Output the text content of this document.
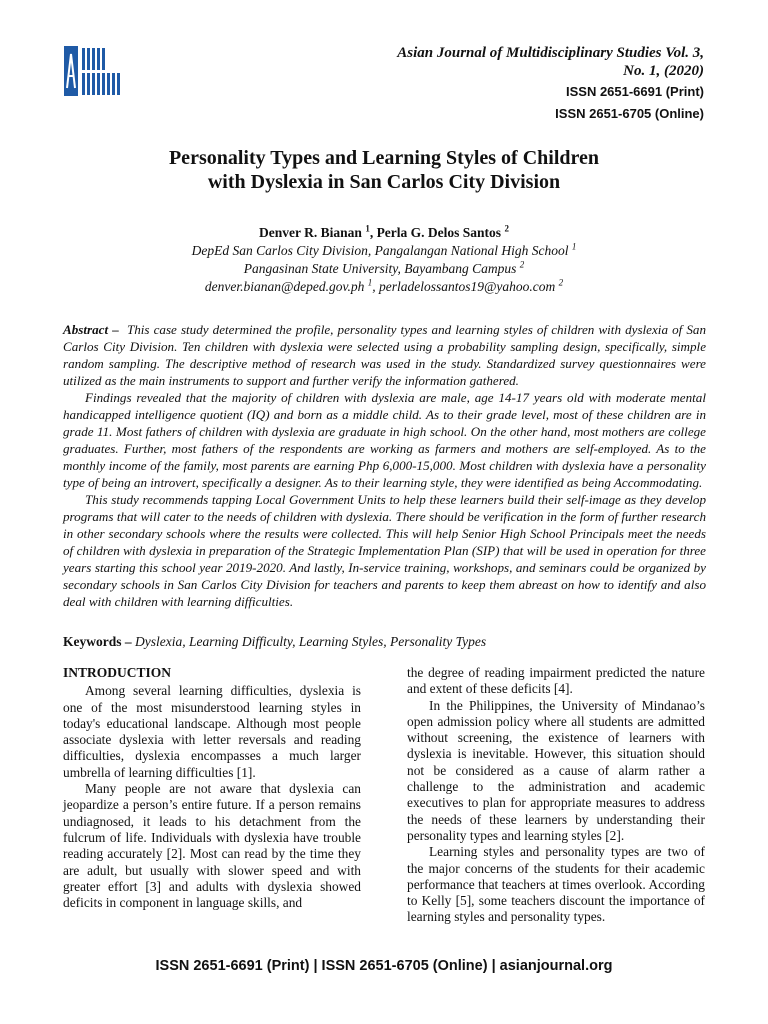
Asian Journal of Multidisciplinary Studies Vol. 3,
No. 1, (2020)
ISSN 2651-6691 (Print)
ISSN 2651-6705 (Online)
Personality Types and Learning Styles of Children
with Dyslexia in San Carlos City Division
Denver R. Bianan $^1$, Perla G. Delos Santos $^2$
DepEd San Carlos City Division, Pangalangan National High School $^1$
Pangasinan State University, Bayambang Campus $^2$
denver.bianan@deped.gov.ph $^1$, perladelossantos19@yahoo.com $^2$

Abstract – This case study determined the profile, personality types and learning styles of children with dyslexia of San Carlos City Division. Ten children with dyslexia were selected using a probability sampling design, specifically, simple random sampling. The descriptive method of research was used in the study. Standardized survey questionnaires were utilized as the main instruments to support and further verify the information gathered.

Findings revealed that the majority of children with dyslexia are male, age 14-17 years old with moderate mental handicapped intelligence quotient (IQ) and born as a middle child. As to their grade level, most of these children are in grade 11. Most fathers of children with dyslexia are graduate in high school. On the other hand, most mothers are college graduates. Further, most fathers of the respondents are working as farmers and mothers are self-employed. As to the monthly income of the family, most parents are earning Php 6,000-15,000. Most children with dyslexia have a personality type of being an introvert, specifically a designer. As to their learning style, they were identified as being Accommodating.

This study recommends tapping Local Government Units to help these learners build their self-image as they develop programs that will cater to the needs of children with dyslexia. There should be verification in the form of further research in other secondary schools where the results were collected. This will help Senior High School Principals meet the needs of children with dyslexia in preparation of the Strategic Implementation Plan (SIP) that will be used in operation for three years starting this school year 2019-2020. And lastly, In-service training, workshops, and seminars could be organized by secondary schools in San Carlos City Division for teachers and parents to keep them abreast on how to identify and also deal with children with learning difficulties.

Keywords – Dyslexia, Learning Difficulty, Learning Styles, Personality Types
INTRODUCTION

Among several learning difficulties, dyslexia is one of the most misunderstood learning styles in today's educational landscape. Although most people associate dyslexia with letter reversals and reading difficulties, dyslexia encompasses a much larger umbrella of learning difficulties [1].

Many people are not aware that dyslexia can jeopardize a person’s entire future. If a person remains undiagnosed, it leads to his detachment from the fulcrum of life. Individuals with dyslexia have trouble reading accurately [2]. Most can read by the time they are adult, but usually with slower speed and with greater effort [3] and adults with dyslexia showed deficits in component in language skills, and

the degree of reading impairment predicted the nature and extent of these deficits [4].

In the Philippines, the University of Mindanao’s open admission policy where all students are admitted without screening, the existence of learners with dyslexia is inevitable. However, this situation should not be considered as a cause of alarm rather a challenge to the administration and academic executives to plan for appropriate measures to address the needs of these learners by understanding their personality types and learning styles [2].

Learning styles and personality types are two of the major concerns of the students for their academic performance that teachers at times overlook. According to Kelly [5], some teachers discount the importance of learning styles and personality types.

ISSN 2651-6691 (Print) | ISSN 2651-6705 (Online) | asianjournal.org
